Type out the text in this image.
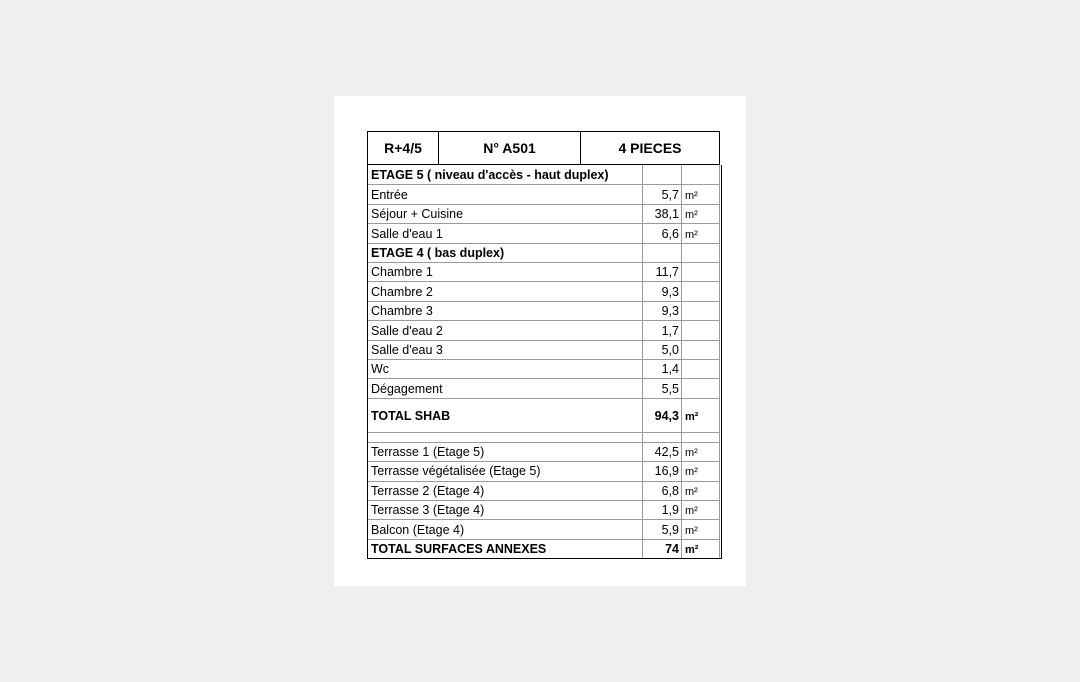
R+4/5	N° A501	4 PIECES
ETAGE 5 ( niveau d'accès - haut duplex)
Entrée	5,7 m²
Séjour + Cuisine	38,1 m²
Salle d'eau 1	6,6 m²
ETAGE 4 ( bas duplex)
Chambre 1	11,7
Chambre 2	9,3
Chambre 3	9,3
Salle d'eau 2	1,7
Salle d'eau 3	5,0
Wc	1,4
Dégagement	5,5
TOTAL SHAB	94,3 m²
Terrasse 1 (Etage 5)	42,5 m²
Terrasse végétalisée (Etage 5)	16,9 m²
Terrasse 2 (Etage 4)	6,8 m²
Terrasse 3 (Etage 4)	1,9 m²
Balcon (Etage 4)	5,9 m²
TOTAL SURFACES ANNEXES	74 m²
